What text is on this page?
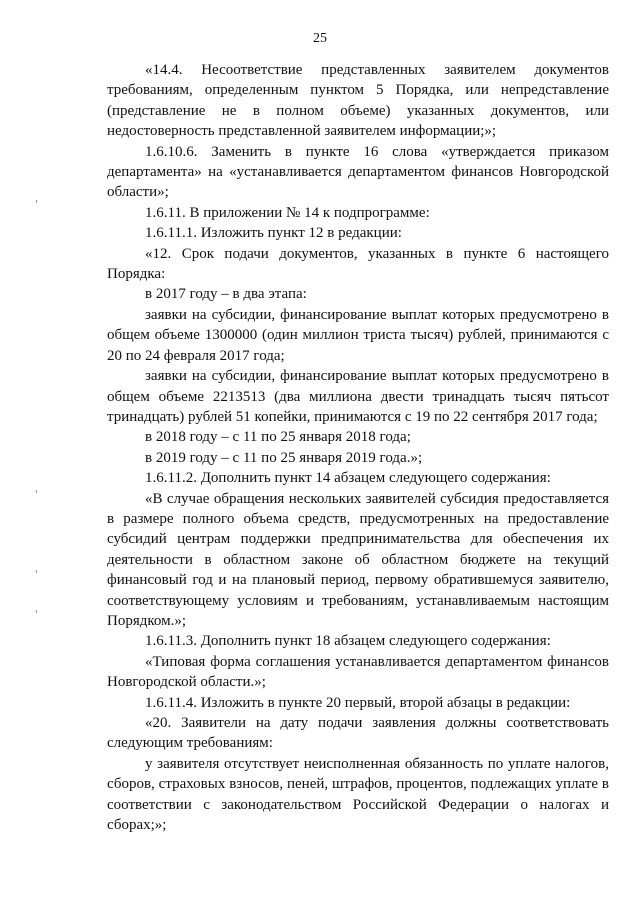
25

«14.4. Несоответствие представленных заявителем документов требованиям, определенным пунктом 5 Порядка, или непредставление (представление не в полном объеме) указанных документов, или недостоверность представленной заявителем информации;»;

1.6.10.6. Заменить в пункте 16 слова «утверждается приказом департамента» на «устанавливается департаментом финансов Новгородской области»;

1.6.11. В приложении № 14 к подпрограмме:

1.6.11.1. Изложить пункт 12 в редакции:

«12. Срок подачи документов, указанных в пункте 6 настоящего Порядка:

в 2017 году – в два этапа:

заявки на субсидии, финансирование выплат которых предусмотрено в общем объеме 1300000 (один миллион триста тысяч) рублей, принимаются с 20 по 24 февраля 2017 года;

заявки на субсидии, финансирование выплат которых предусмотрено в общем объеме 2213513 (два миллиона двести тринадцать тысяч пятьсот тринадцать) рублей 51 копейки, принимаются с 19 по 22 сентября 2017 года;

в 2018 году – с 11 по 25 января 2018 года;

в 2019 году – с 11 по 25 января 2019 года.»;

1.6.11.2. Дополнить пункт 14 абзацем следующего содержания:

«В случае обращения нескольких заявителей субсидия предоставляется в размере полного объема средств, предусмотренных на предоставление субсидий центрам поддержки предпринимательства для обеспечения их деятельности в областном законе об областном бюджете на текущий финансовый год и на плановый период, первому обратившемуся заявителю, соответствующему условиям и требованиям, устанавливаемым настоящим Порядком.»;

1.6.11.3. Дополнить пункт 18 абзацем следующего содержания:

«Типовая форма соглашения устанавливается департаментом финансов Новгородской области.»;

1.6.11.4. Изложить в пункте 20 первый, второй абзацы в редакции:

«20. Заявители на дату подачи заявления должны соответствовать следующим требованиям:

у заявителя отсутствует неисполненная обязанность по уплате налогов, сборов, страховых взносов, пеней, штрафов, процентов, подлежащих уплате в соответствии с законодательством Российской Федерации о налогах и сборах;»;
